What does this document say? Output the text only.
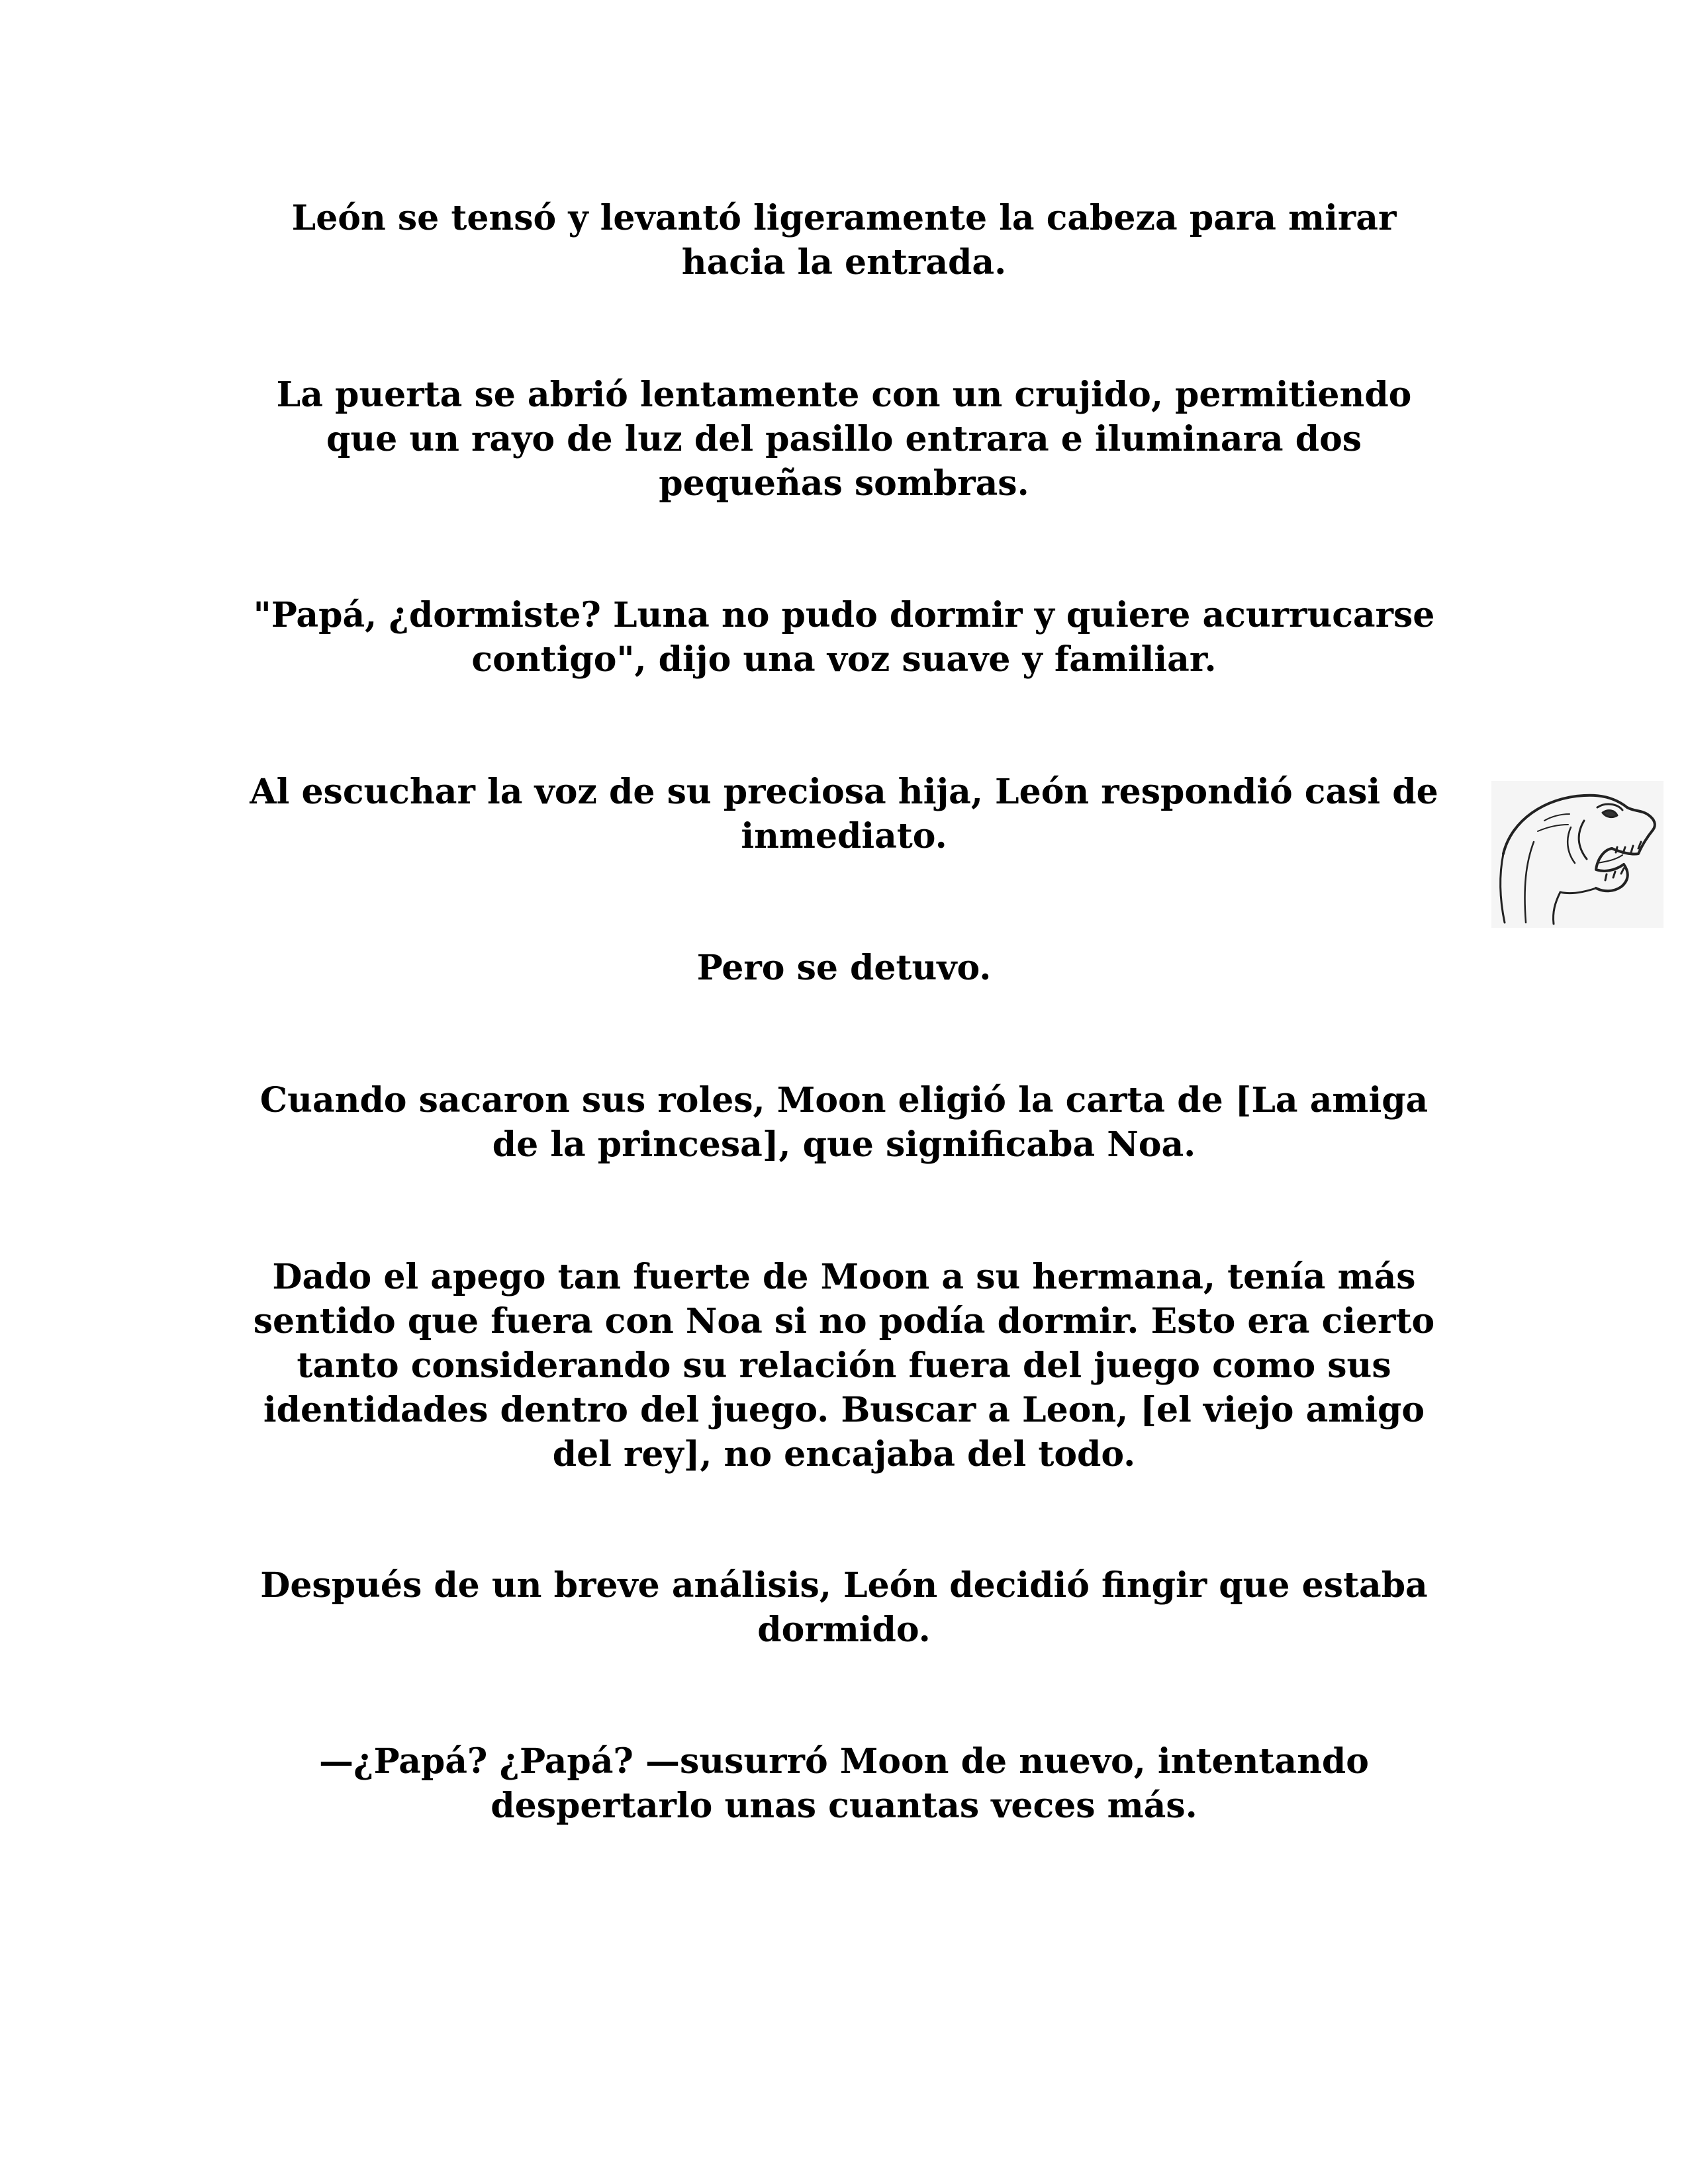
León se tensó y levantó ligeramente la cabeza para mirar hacia la entrada.

La puerta se abrió lentamente con un crujido, permitiendo que un rayo de luz del pasillo entrara e iluminara dos pequeñas sombras.

"Papá, ¿dormiste? Luna no pudo dormir y quiere acurrucarse contigo", dijo una voz suave y familiar.

Al escuchar la voz de su preciosa hija, León respondió casi de inmediato.

Pero se detuvo.

Cuando sacaron sus roles, Moon eligió la carta de [La amiga de la princesa], que significaba Noa.

Dado el apego tan fuerte de Moon a su hermana, tenía más sentido que fuera con Noa si no podía dormir. Esto era cierto tanto considerando su relación fuera del juego como sus identidades dentro del juego. Buscar a Leon, [el viejo amigo del rey], no encajaba del todo.

Después de un breve análisis, León decidió fingir que estaba dormido.

—¿Papá? ¿Papá? —susurró Moon de nuevo, intentando despertarlo unas cuantas veces más.
